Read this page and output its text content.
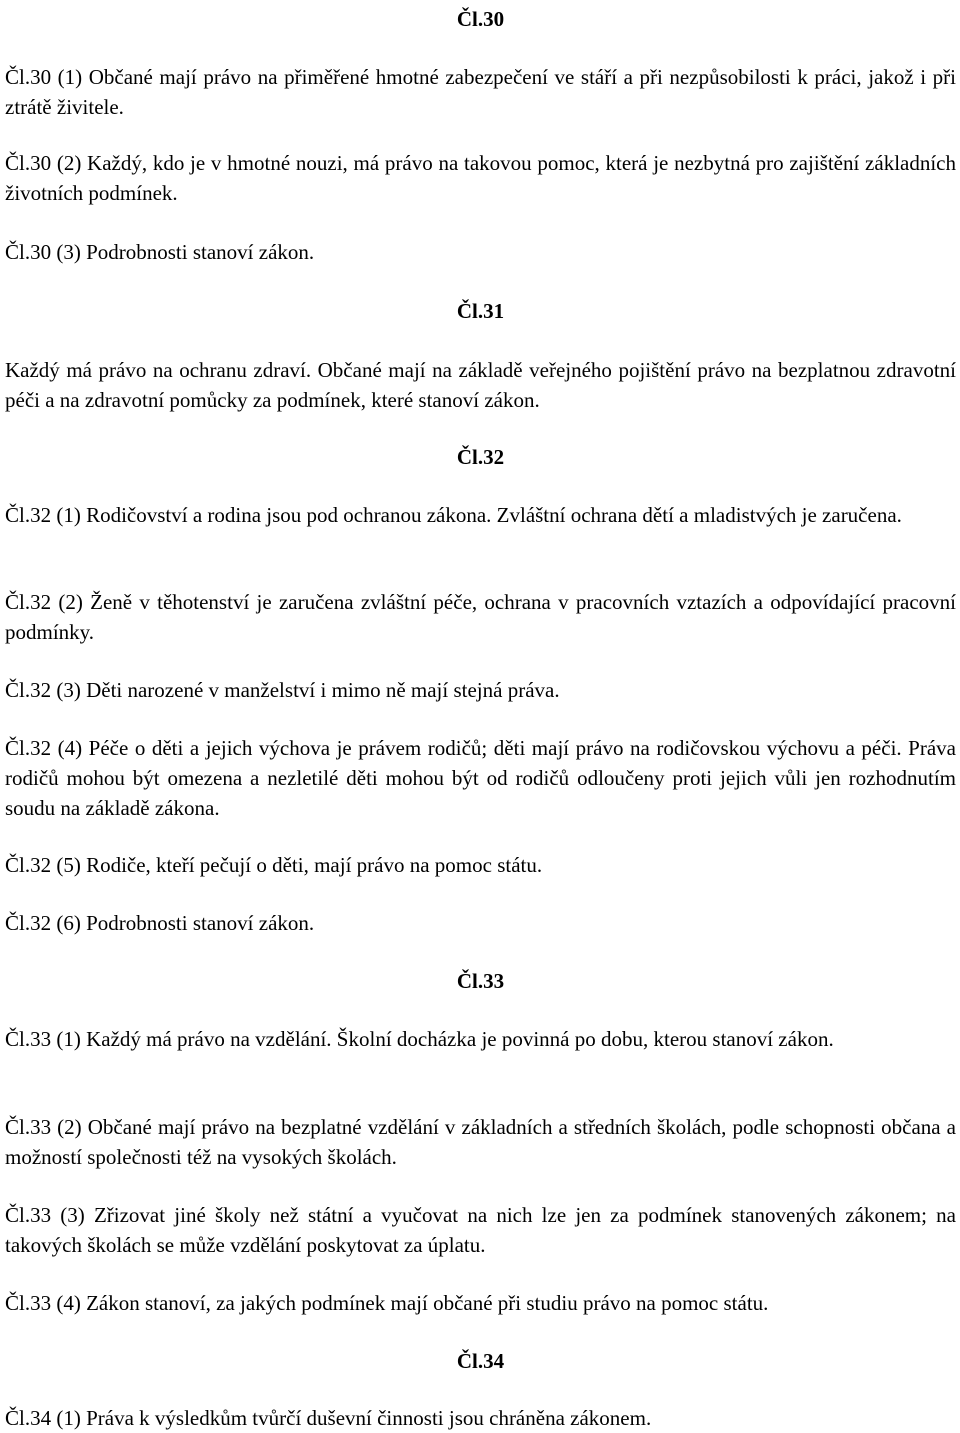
Čl.30

Čl.30 (1) Občané mají právo na přiměřené hmotné zabezpečení ve stáří a při nezpůsobilosti k práci, jakož i při ztrátě živitele.

Čl.30 (2) Každý, kdo je v hmotné nouzi, má právo na takovou pomoc, která je nezbytná pro zajištění základních životních podmínek.

Čl.30 (3) Podrobnosti stanoví zákon.

Čl.31

Každý má právo na ochranu zdraví. Občané mají na základě veřejného pojištění právo na bezplatnou zdravotní péči a na zdravotní pomůcky za podmínek, které stanoví zákon.

Čl.32

Čl.32 (1) Rodičovství a rodina jsou pod ochranou zákona. Zvláštní ochrana dětí a mladistvých je zaručena.

Čl.32 (2) Ženě v těhotenství je zaručena zvláštní péče, ochrana v pracovních vztazích a odpovídající pracovní podmínky.

Čl.32 (3) Děti narozené v manželství i mimo ně mají stejná práva.

Čl.32 (4) Péče o děti a jejich výchova je právem rodičů; děti mají právo na rodičovskou výchovu a péči. Práva rodičů mohou být omezena a nezletilé děti mohou být od rodičů odloučeny proti jejich vůli jen rozhodnutím soudu na základě zákona.

Čl.32 (5) Rodiče, kteří pečují o děti, mají právo na pomoc státu.

Čl.32 (6) Podrobnosti stanoví zákon.

Čl.33

Čl.33 (1) Každý má právo na vzdělání. Školní docházka je povinná po dobu, kterou stanoví zákon.

Čl.33 (2) Občané mají právo na bezplatné vzdělání v základních a středních školách, podle schopnosti občana a možností společnosti též na vysokých školách.

Čl.33 (3) Zřizovat jiné školy než státní a vyučovat na nich lze jen za podmínek stanovených zákonem; na takových školách se může vzdělání poskytovat za úplatu.

Čl.33 (4) Zákon stanoví, za jakých podmínek mají občané při studiu právo na pomoc státu.

Čl.34

Čl.34 (1) Práva k výsledkům tvůrčí duševní činnosti jsou chráněna zákonem.
